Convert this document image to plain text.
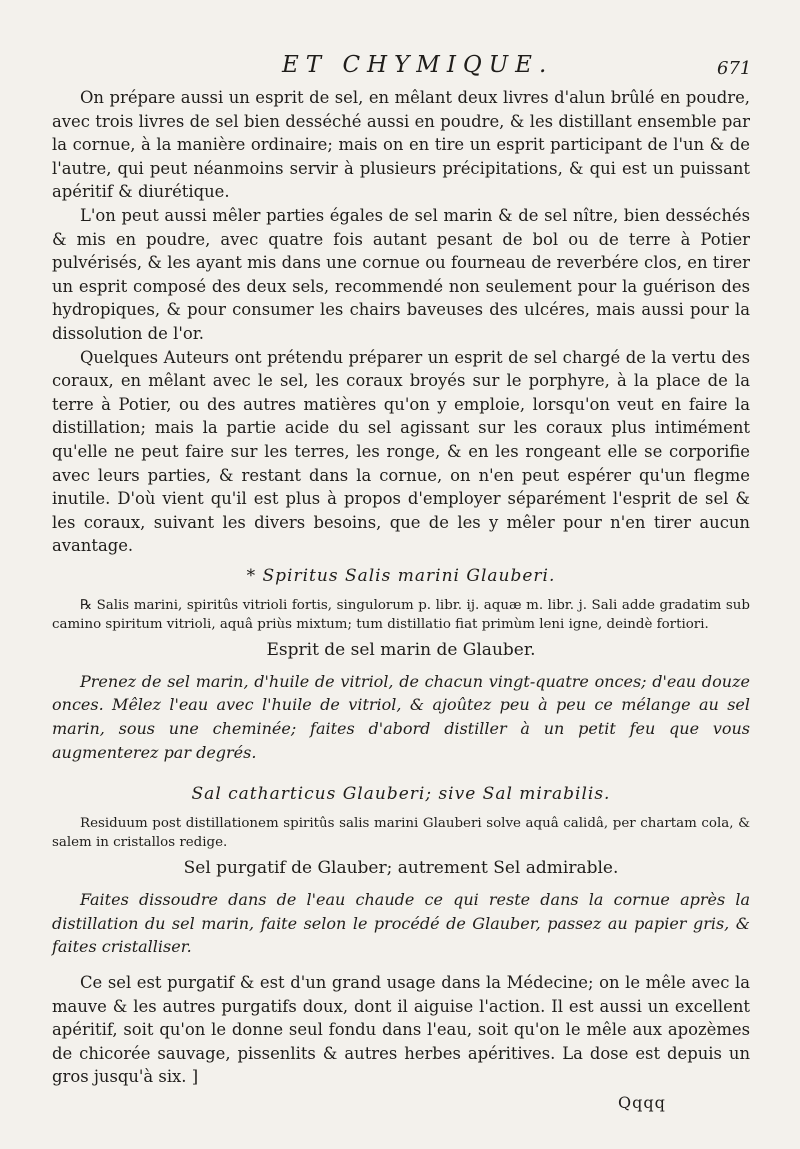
ET CHYMIQUE.	671

On prépare aussi un esprit de sel, en mêlant deux livres d'alun brûlé en poudre, avec trois livres de sel bien desséché aussi en poudre, & les distillant ensemble par la cornue, à la manière ordinaire; mais on en tire un esprit participant de l'un & de l'autre, qui peut néanmoins servir à plusieurs précipitations, & qui est un puissant apéritif & diurétique.

L'on peut aussi mêler parties égales de sel marin & de sel nître, bien desséchés & mis en poudre, avec quatre fois autant pesant de bol ou de terre à Potier pulvérisés, & les ayant mis dans une cornue ou fourneau de reverbére clos, en tirer un esprit composé des deux sels, recommendé non seulement pour la guérison des hydropiques, & pour consumer les chairs baveuses des ulcéres, mais aussi pour la dissolution de l'or.

Quelques Auteurs ont prétendu préparer un esprit de sel chargé de la vertu des coraux, en mêlant avec le sel, les coraux broyés sur le porphyre, à la place de la terre à Potier, ou des autres matières qu'on y emploie, lorsqu'on veut en faire la distillation; mais la partie acide du sel agissant sur les coraux plus intimément qu'elle ne peut faire sur les terres, les ronge, & en les rongeant elle se corporifie avec leurs parties, & restant dans la cornue, on n'en peut espérer qu'un flegme inutile. D'où vient qu'il est plus à propos d'employer séparément l'esprit de sel & les coraux, suivant les divers besoins, que de les y mêler pour n'en tirer aucun avantage.

* Spiritus Salis marini Glauberi.

℞ Salis marini, spiritûs vitrioli fortis, singulorum p. libr. ij. aquæ m. libr. j. Sali adde gradatim sub camino spiritum vitrioli, aquâ priùs mixtum; tum distillatio fiat primùm leni igne, deindè fortiori.

Esprit de sel marin de Glauber.

Prenez de sel marin, d'huile de vitriol, de chacun vingt-quatre onces; d'eau douze onces. Mêlez l'eau avec l'huile de vitriol, & ajoûtez peu à peu ce mélange au sel marin, sous une cheminée; faites d'abord distiller à un petit feu que vous augmenterez par degrés.

Sal catharticus Glauberi; sive Sal mirabilis.

Residuum post distillationem spiritûs salis marini Glauberi solve aquâ calidâ, per chartam cola, & salem in cristallos redige.

Sel purgatif de Glauber; autrement Sel admirable.

Faites dissoudre dans de l'eau chaude ce qui reste dans la cornue après la distillation du sel marin, faite selon le procédé de Glauber, passez au papier gris, & faites cristalliser.

Ce sel est purgatif & est d'un grand usage dans la Médecine; on le mêle avec la mauve & les autres purgatifs doux, dont il aiguise l'action. Il est aussi un excellent apéritif, soit qu'on le donne seul fondu dans l'eau, soit qu'on le mêle aux apozèmes de chicorée sauvage, pissenlits & autres herbes apéritives. La dose est depuis un gros jusqu'à six. ]

Qqqq
